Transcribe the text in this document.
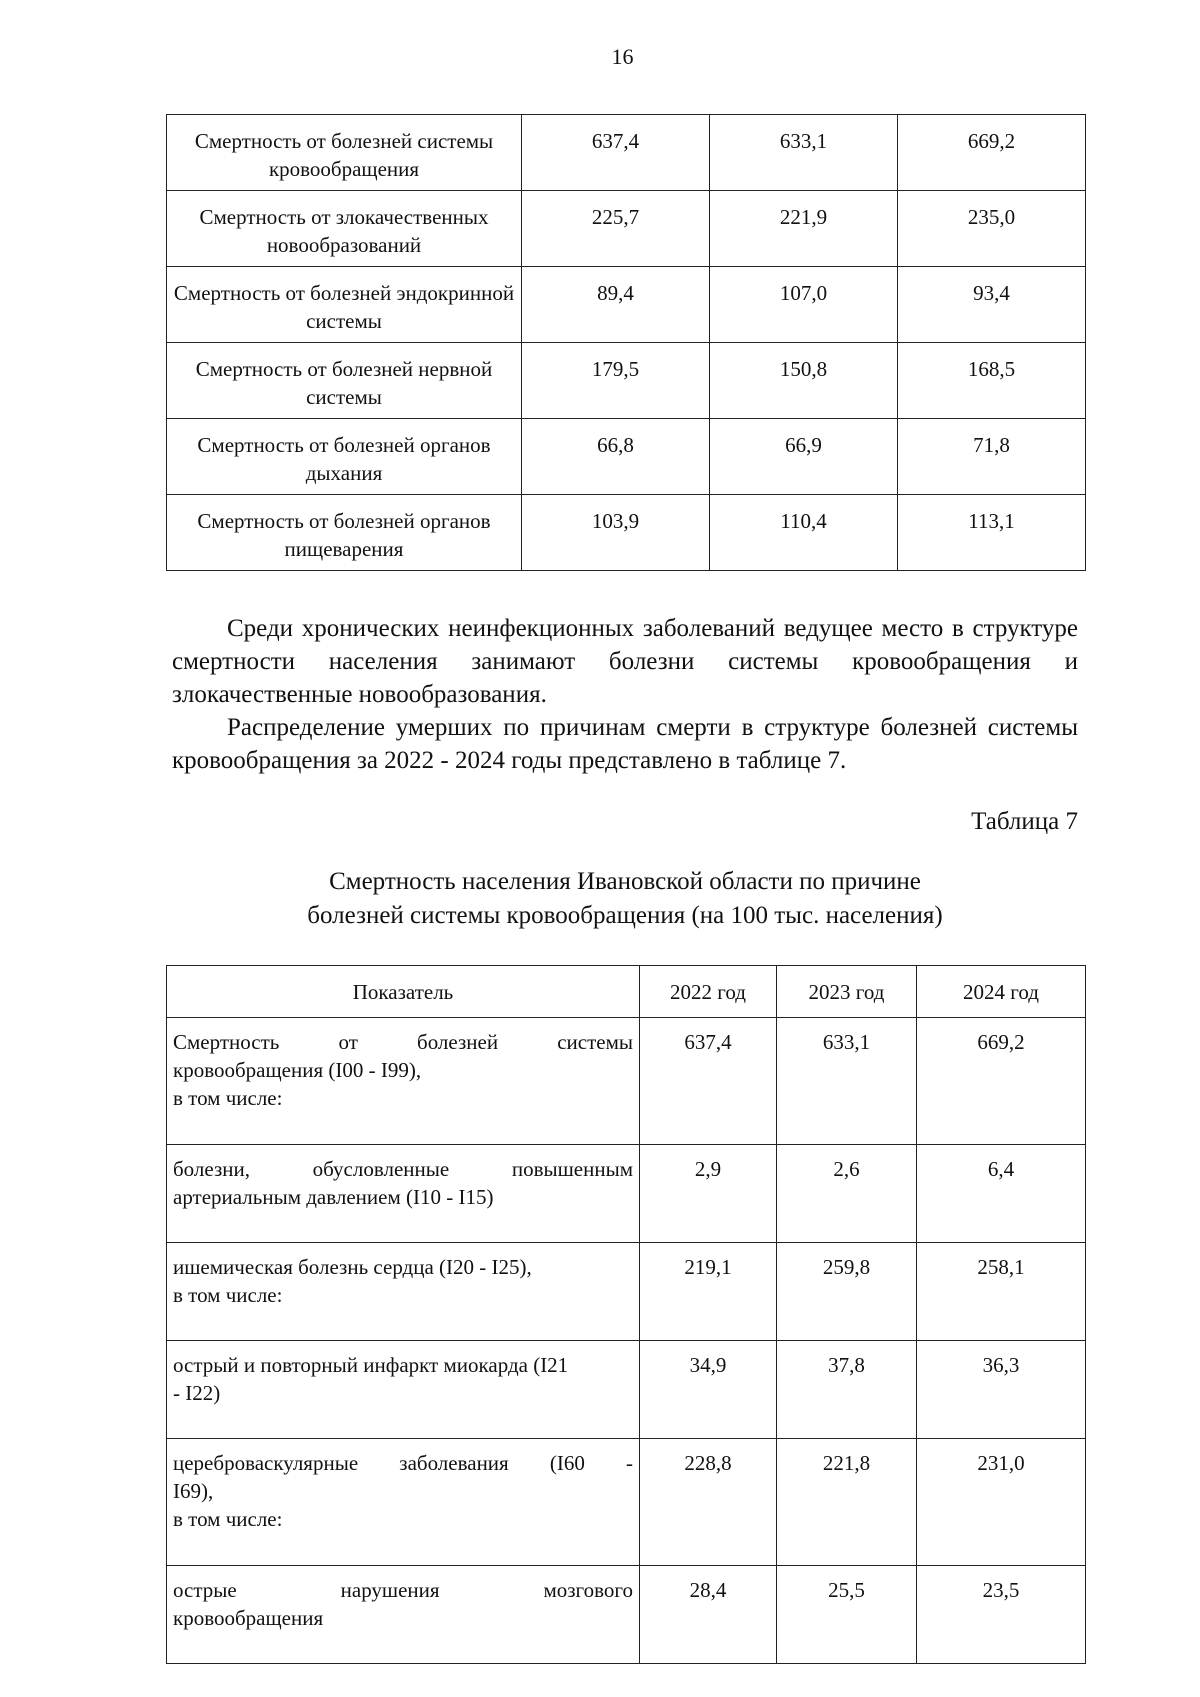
16
Смертность от болезней системы кровообращения	637,4	633,1	669,2
Смертность от злокачественных новообразований	225,7	221,9	235,0
Смертность от болезней эндокринной системы	89,4	107,0	93,4
Смертность от болезней нервной системы	179,5	150,8	168,5
Смертность от болезней органов дыхания	66,8	66,9	71,8
Смертность от болезней органов пищеварения	103,9	110,4	113,1

Среди хронических неинфекционных заболеваний ведущее место в структуре смертности населения занимают болезни системы кровообращения и злокачественные новообразования.

Распределение умерших по причинам смерти в структуре болезней системы кровообращения за 2022 - 2024 годы представлено в таблице 7.

Таблица 7
Смертность населения Ивановской области по причине
болезней системы кровообращения (на 100 тыс. населения)
Показатель	2022 год	2023 год	2024 год

Смертность от болезней системы
кровообращения (I00 - I99),
в том числе:	637,4	633,1	669,2

болезни, обусловленные повышенным
артериальным давлением (I10 - I15)	2,9	2,6	6,4

ишемическая болезнь сердца (I20 - I25),
в том числе:	219,1	259,8	258,1

острый и повторный инфаркт миокарда (I21
- I22)	34,9	37,8	36,3

цереброваскулярные заболевания (I60 -
I69),
в том числе:	228,8	221,8	231,0

острые нарушения мозгового
кровообращения	28,4	25,5	23,5
